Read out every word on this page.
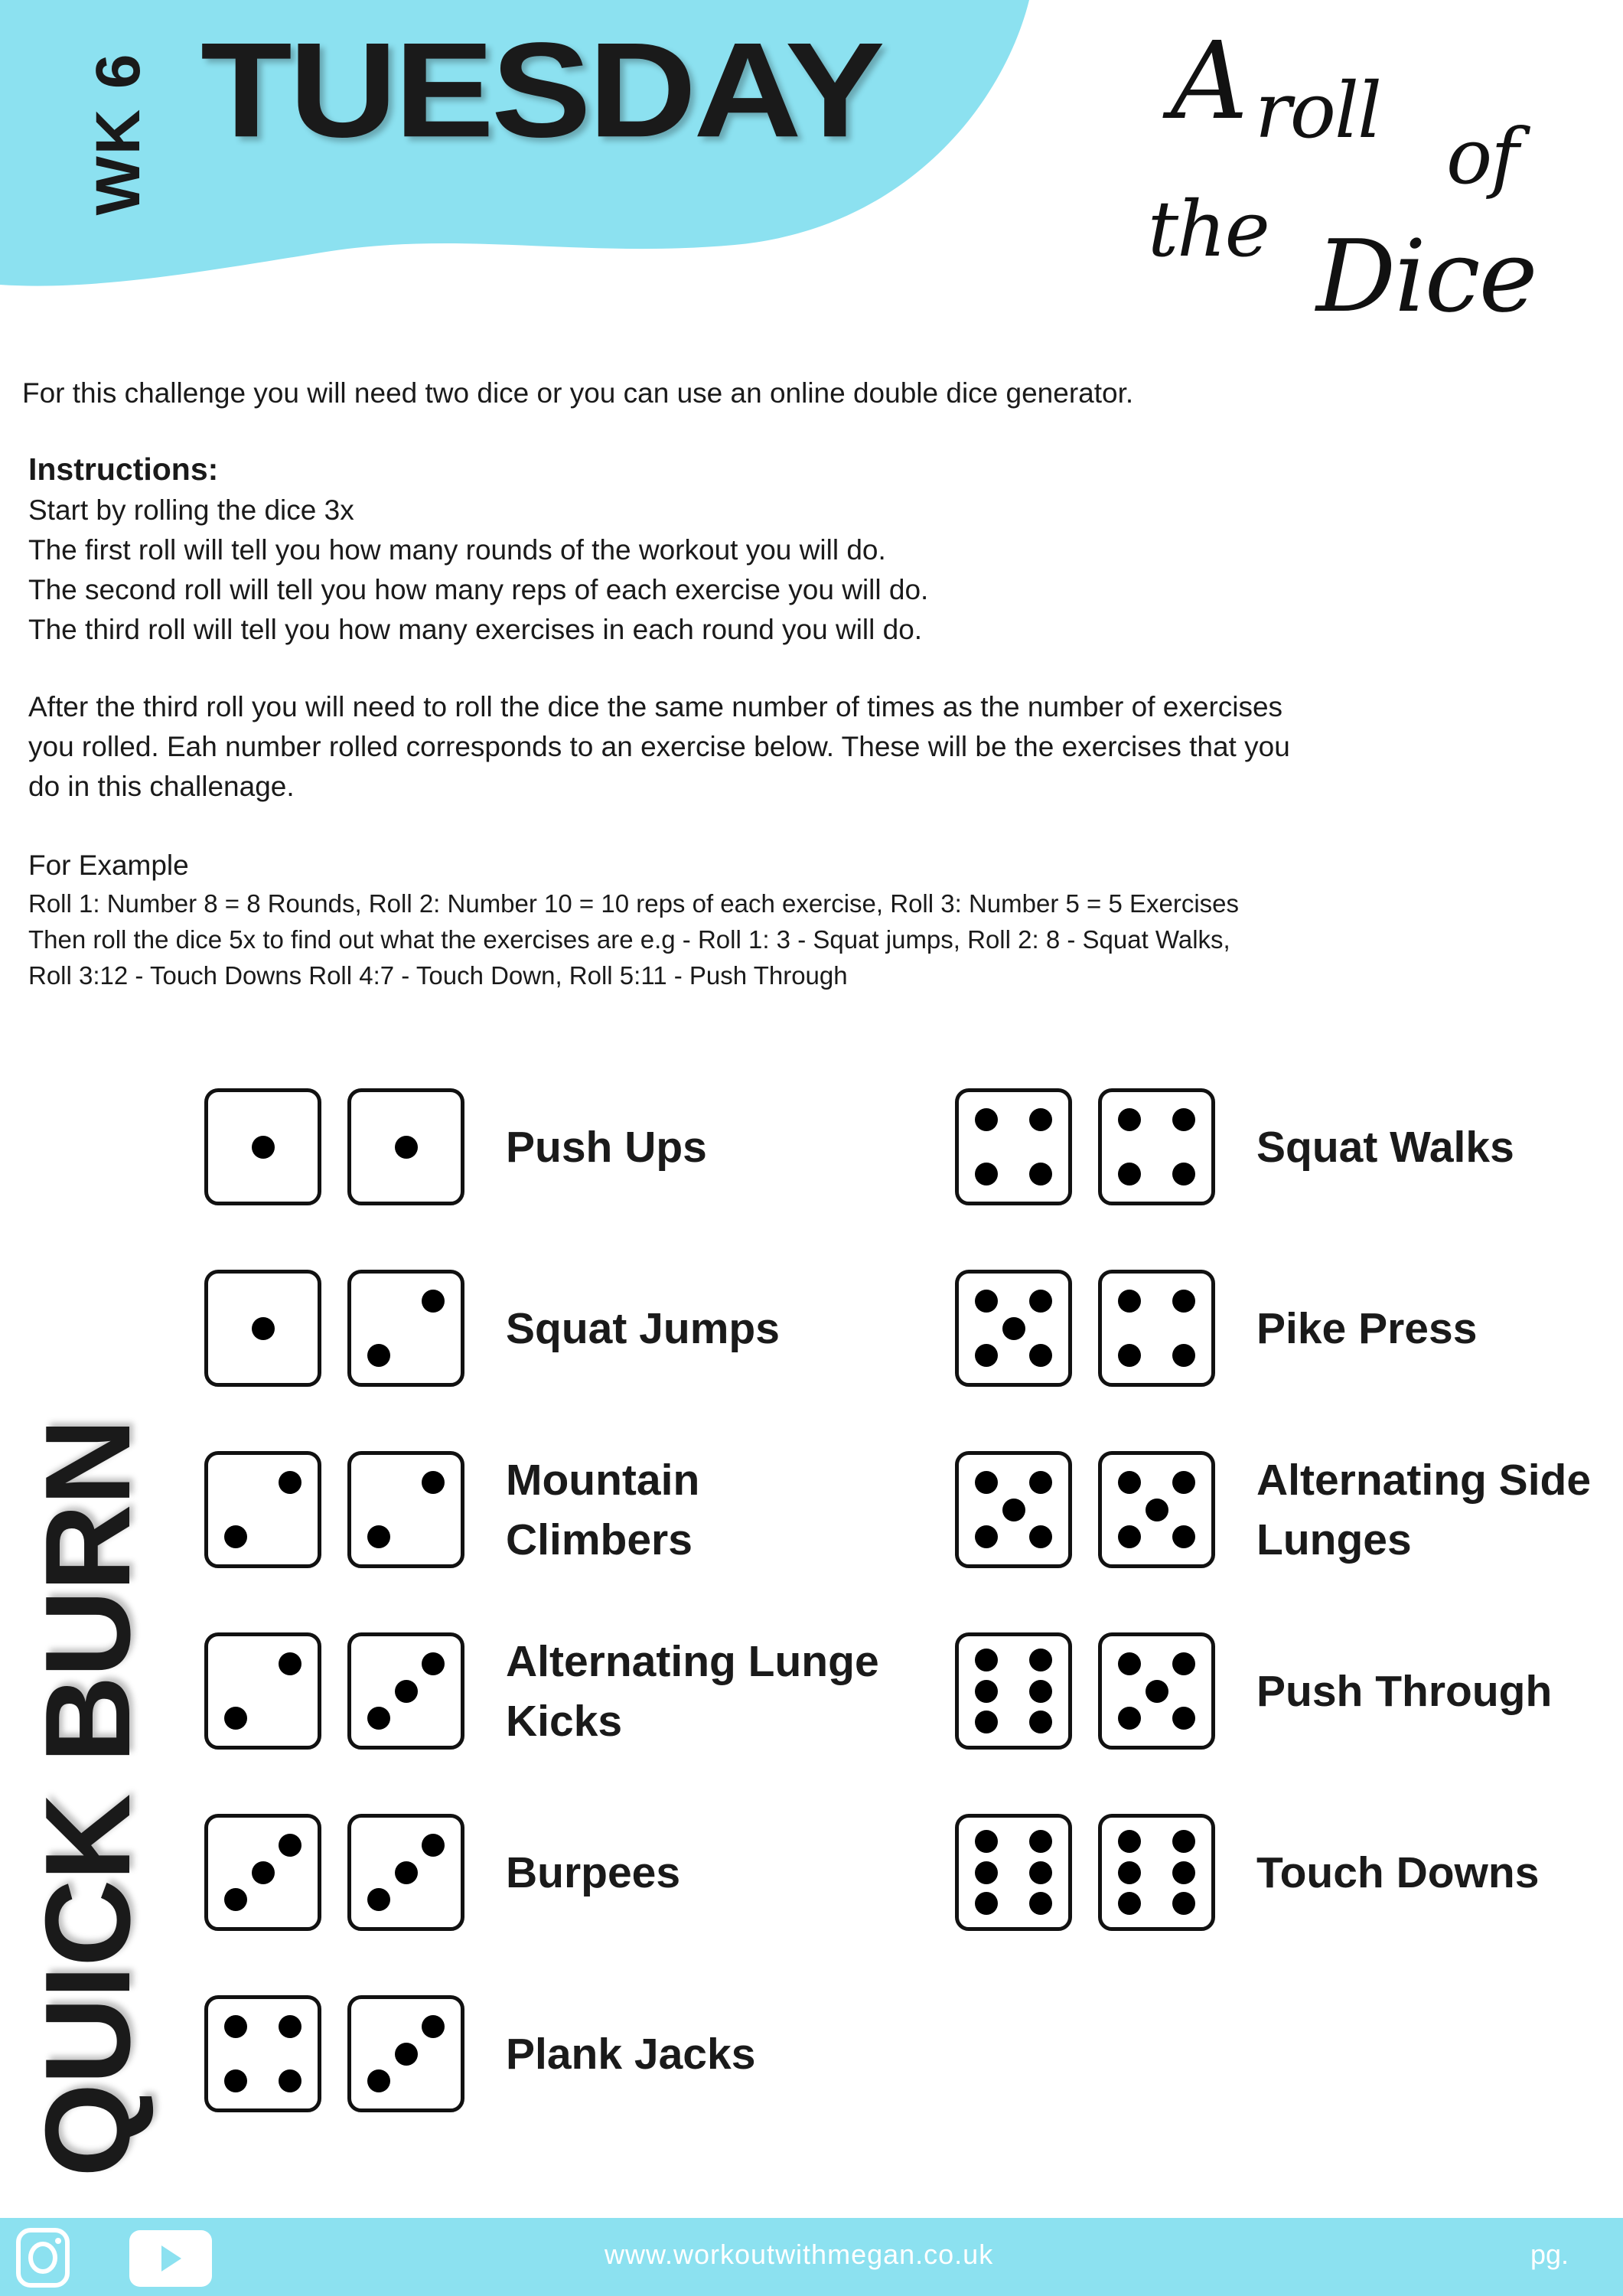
WK 6 TUESDAY	A roll
of
the Dice
For this challenge you will need two dice or you can use an online double dice generator.
Instructions:
Start by rolling the dice 3x
The first roll will tell you how many rounds of the workout you will do.
The second roll will tell you how many reps of each exercise you will do.
The third roll will tell you how many exercises in each round you will do.
After the third roll you will need to roll the dice the same number of times as the number of exercises
you rolled. Eah number rolled corresponds to an exercise below. These will be the exercises that you
do in this challenage.
For Example
Roll 1: Number 8 = 8 Rounds, Roll 2: Number 10 = 10 reps of each exercise, Roll 3: Number 5 = 5 Exercises
Then roll the dice 5x to find out what the exercises are e.g - Roll 1: 3 - Squat jumps, Roll 2: 8 - Squat Walks,
Roll 3:12 - Touch Downs Roll 4:7 - Touch Down, Roll 5:11 - Push Through
QUICK BURN
Push Ups
Squat Jumps
Mountain
Climbers
Alternating Lunge
Kicks
Burpees
Plank Jacks
Squat Walks
Pike Press
Alternating Side
Lunges
Push Through
Touch Downs
www.workoutwithmegan.co.uk	pg.
